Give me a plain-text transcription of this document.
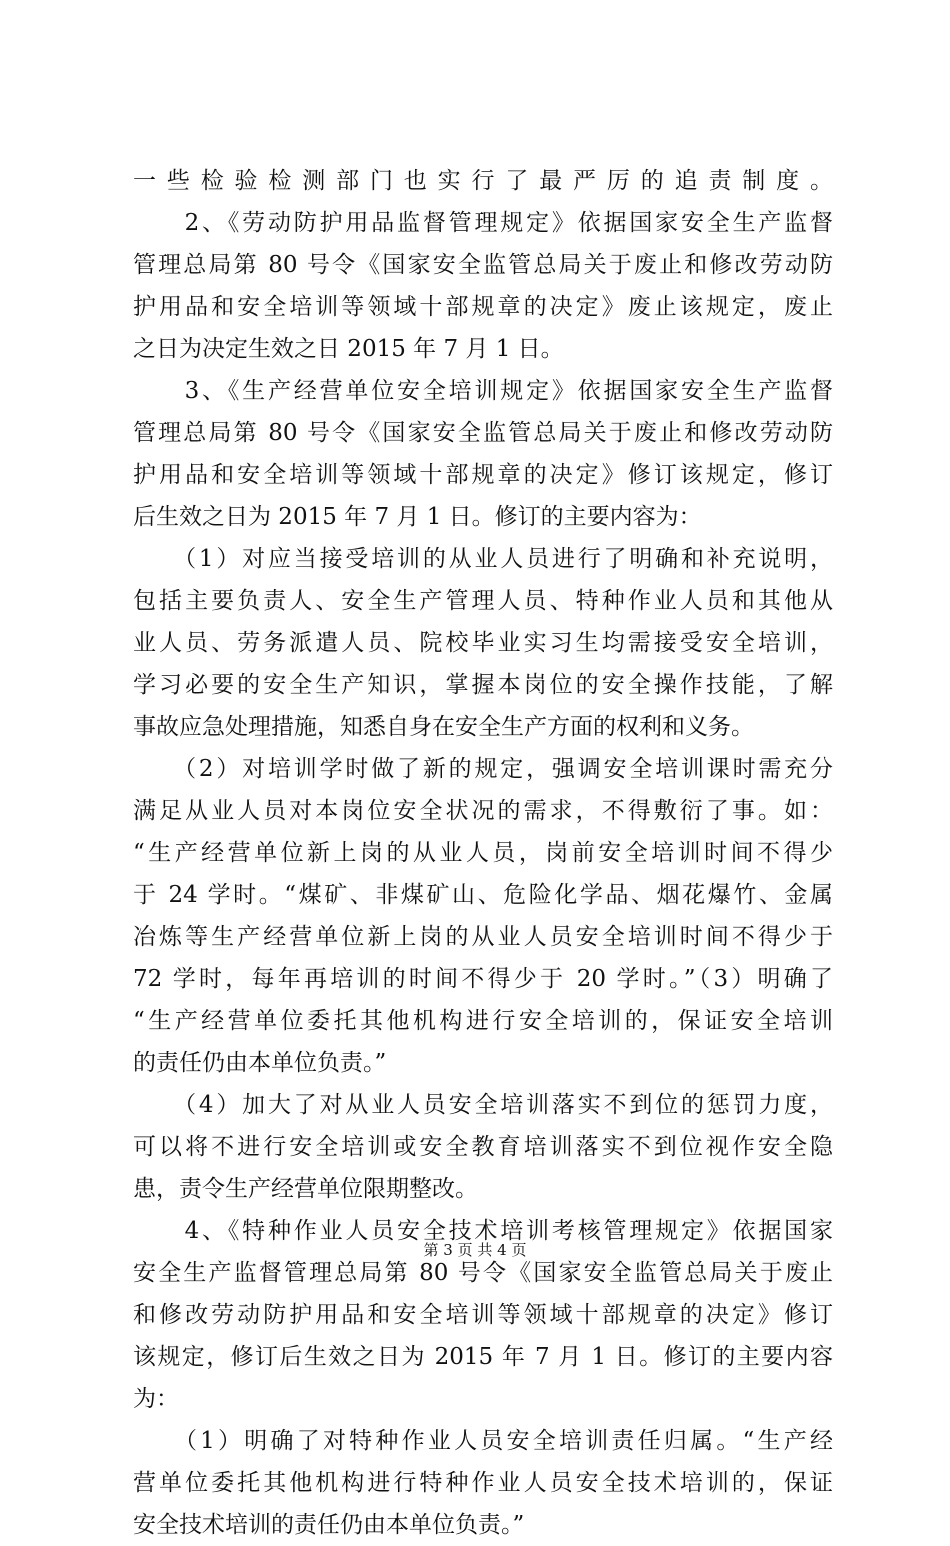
一些检验检测部门也实行了最严厉的追责制度。
　　2、《劳动防护用品监督管理规定》依据国家安全生产监督
管理总局第 80 号令《国家安全监管总局关于废止和修改劳动防
护用品和安全培训等领域十部规章的决定》废止该规定，废止
之日为决定生效之日 2015 年 7 月 1 日。
　　3、《生产经营单位安全培训规定》依据国家安全生产监督
管理总局第 80 号令《国家安全监管总局关于废止和修改劳动防
护用品和安全培训等领域十部规章的决定》修订该规定，修订
后生效之日为 2015 年 7 月 1 日。修订的主要内容为：
　　（1）对应当接受培训的从业人员进行了明确和补充说明，
包括主要负责人、安全生产管理人员、特种作业人员和其他从
业人员、劳务派遣人员、院校毕业实习生均需接受安全培训，
学习必要的安全生产知识，掌握本岗位的安全操作技能，了解
事故应急处理措施，知悉自身在安全生产方面的权利和义务。
　　（2）对培训学时做了新的规定，强调安全培训课时需充分
满足从业人员对本岗位安全状况的需求，不得敷衍了事。如：
“生产经营单位新上岗的从业人员，岗前安全培训时间不得少
于 24 学时。“煤矿、非煤矿山、危险化学品、烟花爆竹、金属
冶炼等生产经营单位新上岗的从业人员安全培训时间不得少于
72 学时，每年再培训的时间不得少于 20 学时。”（3）明确了
“生产经营单位委托其他机构进行安全培训的，保证安全培训
的责任仍由本单位负责。”
　　（4）加大了对从业人员安全培训落实不到位的惩罚力度，
可以将不进行安全培训或安全教育培训落实不到位视作安全隐
患，责令生产经营单位限期整改。
　　4、《特种作业人员安全技术培训考核管理规定》依据国家
安全生产监督管理总局第 80 号令《国家安全监管总局关于废止
和修改劳动防护用品和安全培训等领域十部规章的决定》修订
该规定，修订后生效之日为 2015 年 7 月 1 日。修订的主要内容
为：
　　（1）明确了对特种作业人员安全培训责任归属。“生产经
营单位委托其他机构进行特种作业人员安全技术培训的，保证
安全技术培训的责任仍由本单位负责。”
第 3 页 共 4 页
